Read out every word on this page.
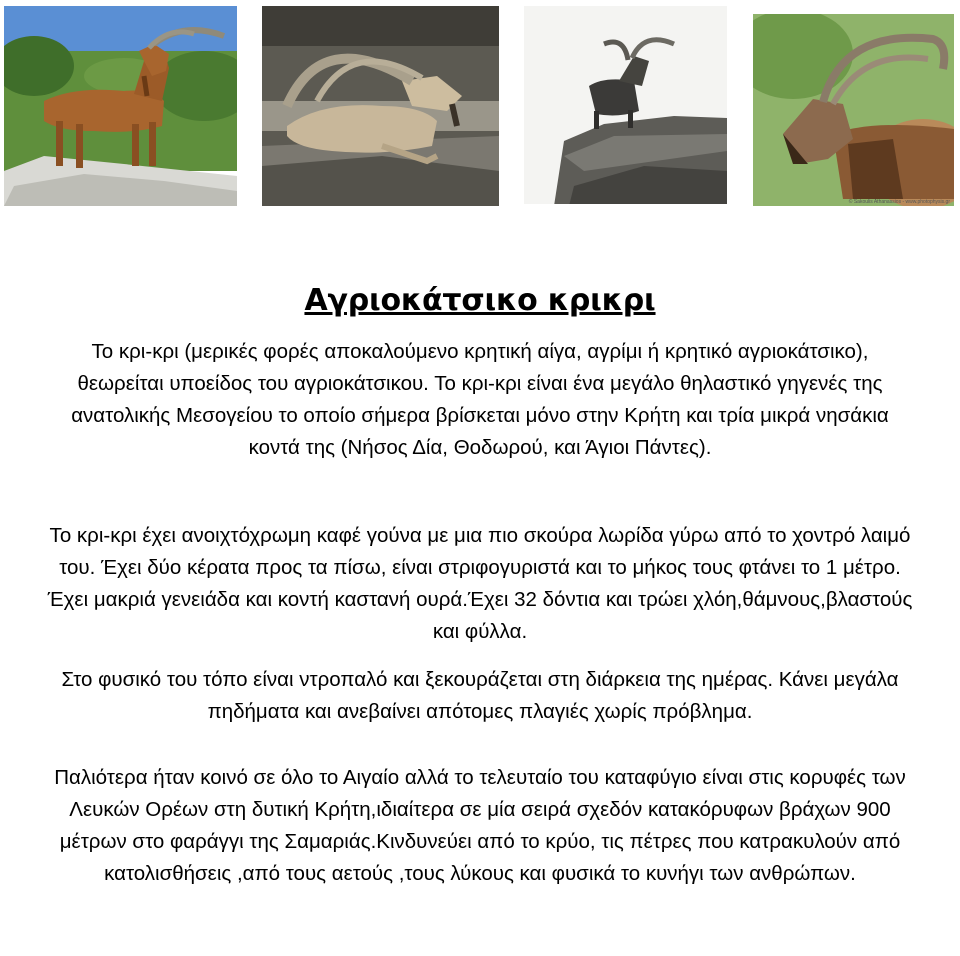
© Sakoulis Athanassios - www.photophysis.gr
Αγριοκάτσικο κρικρι

Το κρι-κρι (μερικές φορές αποκαλούμενο κρητική αίγα, αγρίμι ή κρητικό αγριοκάτσικο), θεωρείται υποείδος του αγριοκάτσικου. Το κρι-κρι είναι ένα μεγάλο θηλαστικό γηγενές της ανατολικής Μεσογείου το οποίο σήμερα βρίσκεται μόνο στην Κρήτη και τρία μικρά νησάκια κοντά της (Νήσος Δία, Θοδωρού, και Άγιοι Πάντες).

Το κρι-κρι έχει ανοιχτόχρωμη καφέ γούνα με μια πιο σκούρα λωρίδα γύρω από το χοντρό λαιμό του. Έχει δύο κέρατα προς τα πίσω, είναι στριφογυριστά και το μήκος τους φτάνει το 1 μέτρο. Έχει μακριά γενειάδα και κοντή καστανή ουρά.Έχει 32 δόντια και τρώει χλόη,θάμνους,βλαστούς και φύλλα.

Στο φυσικό του τόπο είναι ντροπαλό και ξεκουράζεται στη διάρκεια της ημέρας. Κάνει μεγάλα πηδήματα και ανεβαίνει απότομες πλαγιές χωρίς πρόβλημα.

Παλιότερα ήταν κοινό σε όλο το Αιγαίο αλλά το τελευταίο του καταφύγιο είναι στις κορυφές των Λευκών Ορέων στη δυτική Κρήτη,ιδιαίτερα σε μία σειρά σχεδόν κατακόρυφων βράχων 900 μέτρων στο φαράγγι της Σαμαριάς.Κινδυνεύει από το κρύο, τις πέτρες που κατρακυλούν από κατολισθήσεις ,από τους αετούς ,τους λύκους και φυσικά το κυνήγι των ανθρώπων.
